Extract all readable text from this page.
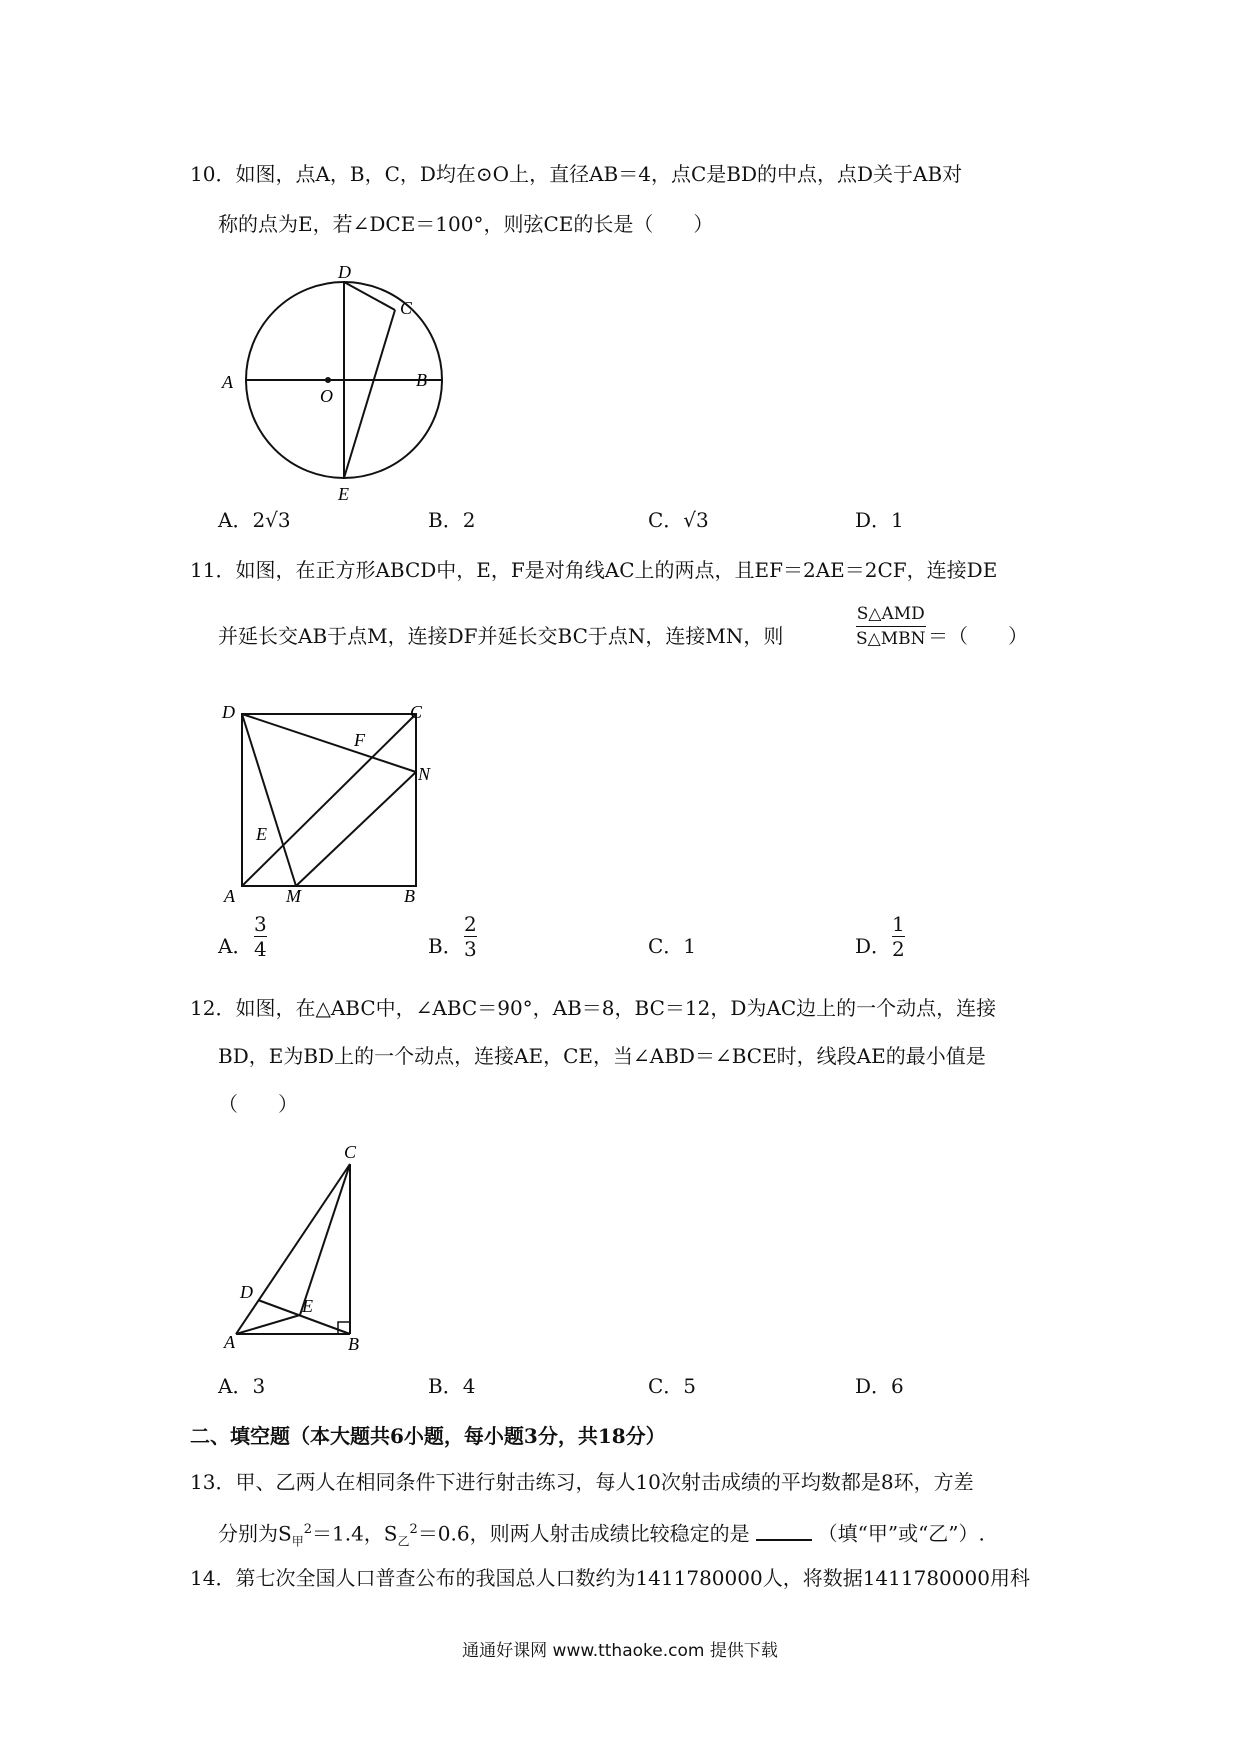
10．如图，点A，B，C，D均在⊙O上，直径AB＝4，点C是BD的中点，点D关于AB对
称的点为E，若∠DCE＝100°，则弦CE的长是（　　）
D
C
A
O
B
E
A．2√3	B．2	C．√3	D．1
11．如图，在正方形ABCD中，E，F是对角线AC上的两点，且EF＝2AE＝2CF，连接DE
并延长交AB于点M，连接DF并延长交BC于点N，连接MN，则
S△AMD
S△MBN ＝（　　）
D	C
F
N
E
A	M	B
A．
3
4	B．
2
3	C．1	D．
1
2
12．如图，在△ABC中，∠ABC＝90°，AB＝8，BC＝12，D为AC边上的一个动点，连接
BD，E为BD上的一个动点，连接AE，CE，当∠ABD＝∠BCE时，线段AE的最小值是
（　　）
C
D
E
A	B
A．3	B．4	C．5	D．6
二、填空题（本大题共6小题，每小题3分，共18分）
13．甲、乙两人在相同条件下进行射击练习，每人10次射击成绩的平均数都是8环，方差
分别为$S_甲^2=1.4$，$S_乙^2=0.6$，则两人射击成绩比较稳定的是	（填“甲”或“乙”）.
14．第七次全国人口普查公布的我国总人口数约为1411780000人，将数据1411780000用科
通通好课网 www.tthaoke.com 提供下载
